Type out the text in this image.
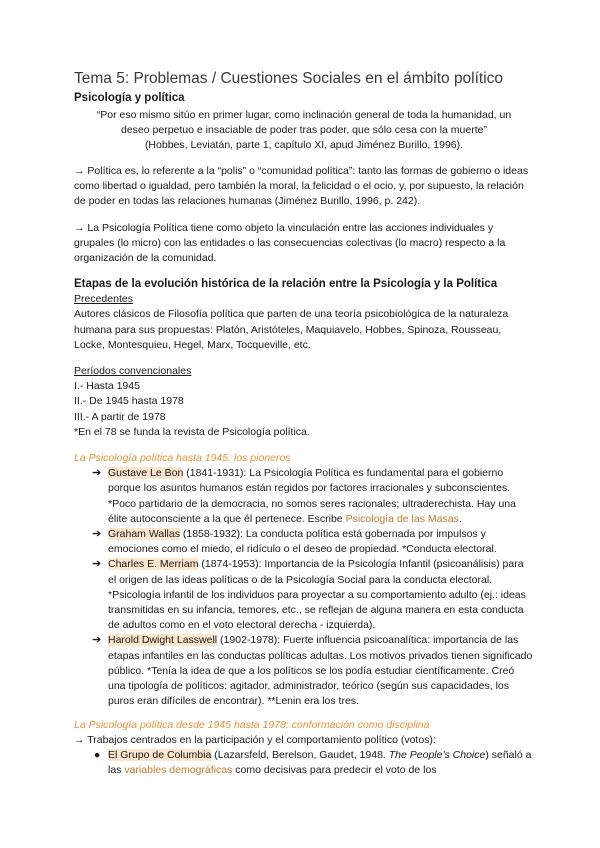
Tema 5: Problemas / Cuestiones Sociales en el ámbito político
Psicología y política

“Por eso mismo sitúo en primer lugar, como inclinación general de toda la humanidad, un
deseo perpetuo e insaciable de poder tras poder, que sólo cesa con la muerte”
(Hobbes, Leviatán, parte 1, capítulo XI, apud Jiménez Burillo, 1996).

→ Política es, lo referente a la “polis” o “comunidad política”: tanto las formas de gobierno o ideas como libertad o igualdad, pero también la moral, la felicidad o el ocio, y, por supuesto, la relación de poder en todas las relaciones humanas (Jiménez Burillo, 1996, p. 242).

→ La Psicología Política tiene como objeto la vinculación entre las acciones individuales y grupales (lo micro) con las entidades o las consecuencias colectivas (lo macro) respecto a la organización de la comunidad.

Etapas de la evolución histórica de la relación entre la Psicología y la Política

Precedentes

Autores clásicos de Filosofía política que parten de una teoría psicobiológica de la naturaleza humana para sus propuestas: Platón, Aristóteles, Maquiavelo, Hobbes, Spinoza, Rousseau, Locke, Montesquieu, Hegel, Marx, Tocqueville, etc.

Períodos convencionales

I.- Hasta 1945

II.- De 1945 hasta 1978

III.- A partir de 1978

*En el 78 se funda la revista de Psicología política.

La Psicología política hasta 1945: los pioneros

➔ Gustave Le Bon (1841-1931): La Psicología Política es fundamental para el gobierno porque los asuntos humanos están regidos por factores irracionales y subconscientes. *Poco partidario de la democracia, no somos seres racionales; ultraderechista. Hay una élite autoconsciente a la que él pertenece. Escribe Psicología de las Masas.
➔ Graham Wallas (1858-1932): La conducta política está gobernada por impulsos y emociones como el miedo, el ridículo o el deseo de propiedad. *Conducta electoral.
➔ Charles E. Merriam (1874-1953): Importancia de la Psicología Infantil (psicoanálisis) para el origen de las ideas políticas o de la Psicología Social para la conducta electoral. *Psicología infantil de los individuos para proyectar a su comportamiento adulto (ej.: ideas transmitidas en su infancia, temores, etc., se reflejan de alguna manera en esta conducta de adultos como en el voto electoral derecha - izquierda).
➔ Harold Dwight Lasswell (1902-1978): Fuerte influencia psicoanalítica: importancia de las etapas infantiles en las conductas políticas adultas. Los motivos privados tienen significado público. *Tenía la idea de que a los políticos se los podía estudiar científicamente. Creó una tipología de políticos: agitador, administrador, teórico (según sus capacidades, los puros eran difíciles de encontrar). **Lenin era los tres.

La Psicología política desde 1945 hasta 1978: conformación como disciplina

→ Trabajos centrados en la participación y el comportamiento político (votos):

● El Grupo de Columbia (Lazarsfeld, Berelson, Gaudet, 1948. The People's Choice) señaló a las variables demográficas como decisivas para predecir el voto de los
